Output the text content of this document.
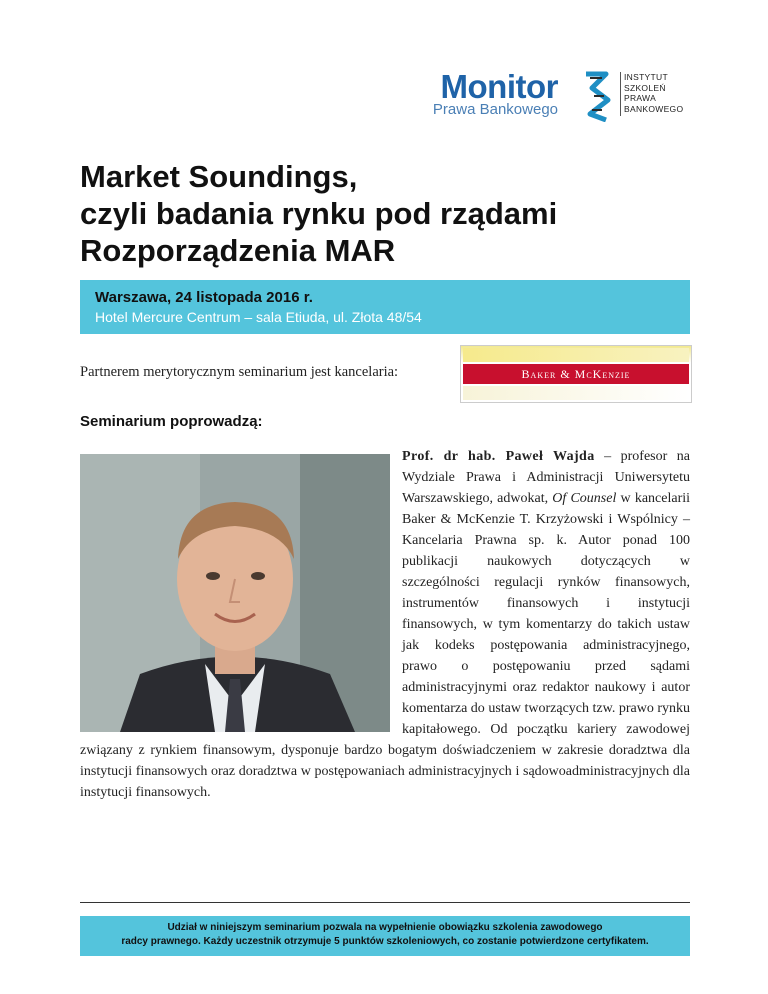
Monitor
Prawa Bankowego
INSTYTUT
SZKOLEŃ
PRAWA
BANKOWEGO
Market Soundings,
czyli badania rynku pod rządami
Rozporządzenia MAR
Warszawa, 24 listopada 2016 r.
Hotel Mercure Centrum – sala Etiuda, ul. Złota 48/54
Partnerem merytorycznym seminarium jest kancelaria:	Baker & McKenzie
Seminarium poprowadzą:
Prof. dr hab. Paweł Wajda – profesor na Wydziale Prawa i Administracji Uniwersytetu Warszawskiego, adwokat, Of Counsel w kancelarii Baker & McKenzie T. Krzyżowski i Wspólnicy – Kancelaria Prawna sp. k. Autor ponad 100 publikacji naukowych dotyczących w szczególności regulacji rynków finansowych, instrumentów finansowych i instytucji finansowych, w tym komentarzy do takich ustaw jak kodeks postępowania administracyjnego, prawo o postępowaniu przed sądami administracyjnymi oraz redaktor naukowy i autor komentarza do ustaw tworzących tzw. prawo rynku kapitałowego. Od początku kariery zawodowej związany z rynkiem finansowym, dysponuje bardzo bogatym doświadczeniem w zakresie doradztwa dla instytucji finansowych oraz doradztwa w postępowaniach administracyjnych i sądowoadministracyjnych dla instytucji finansowych.
Udział w niniejszym seminarium pozwala na wypełnienie obowiązku szkolenia zawodowego
radcy prawnego. Każdy uczestnik otrzymuje 5 punktów szkoleniowych, co zostanie potwierdzone certyfikatem.
